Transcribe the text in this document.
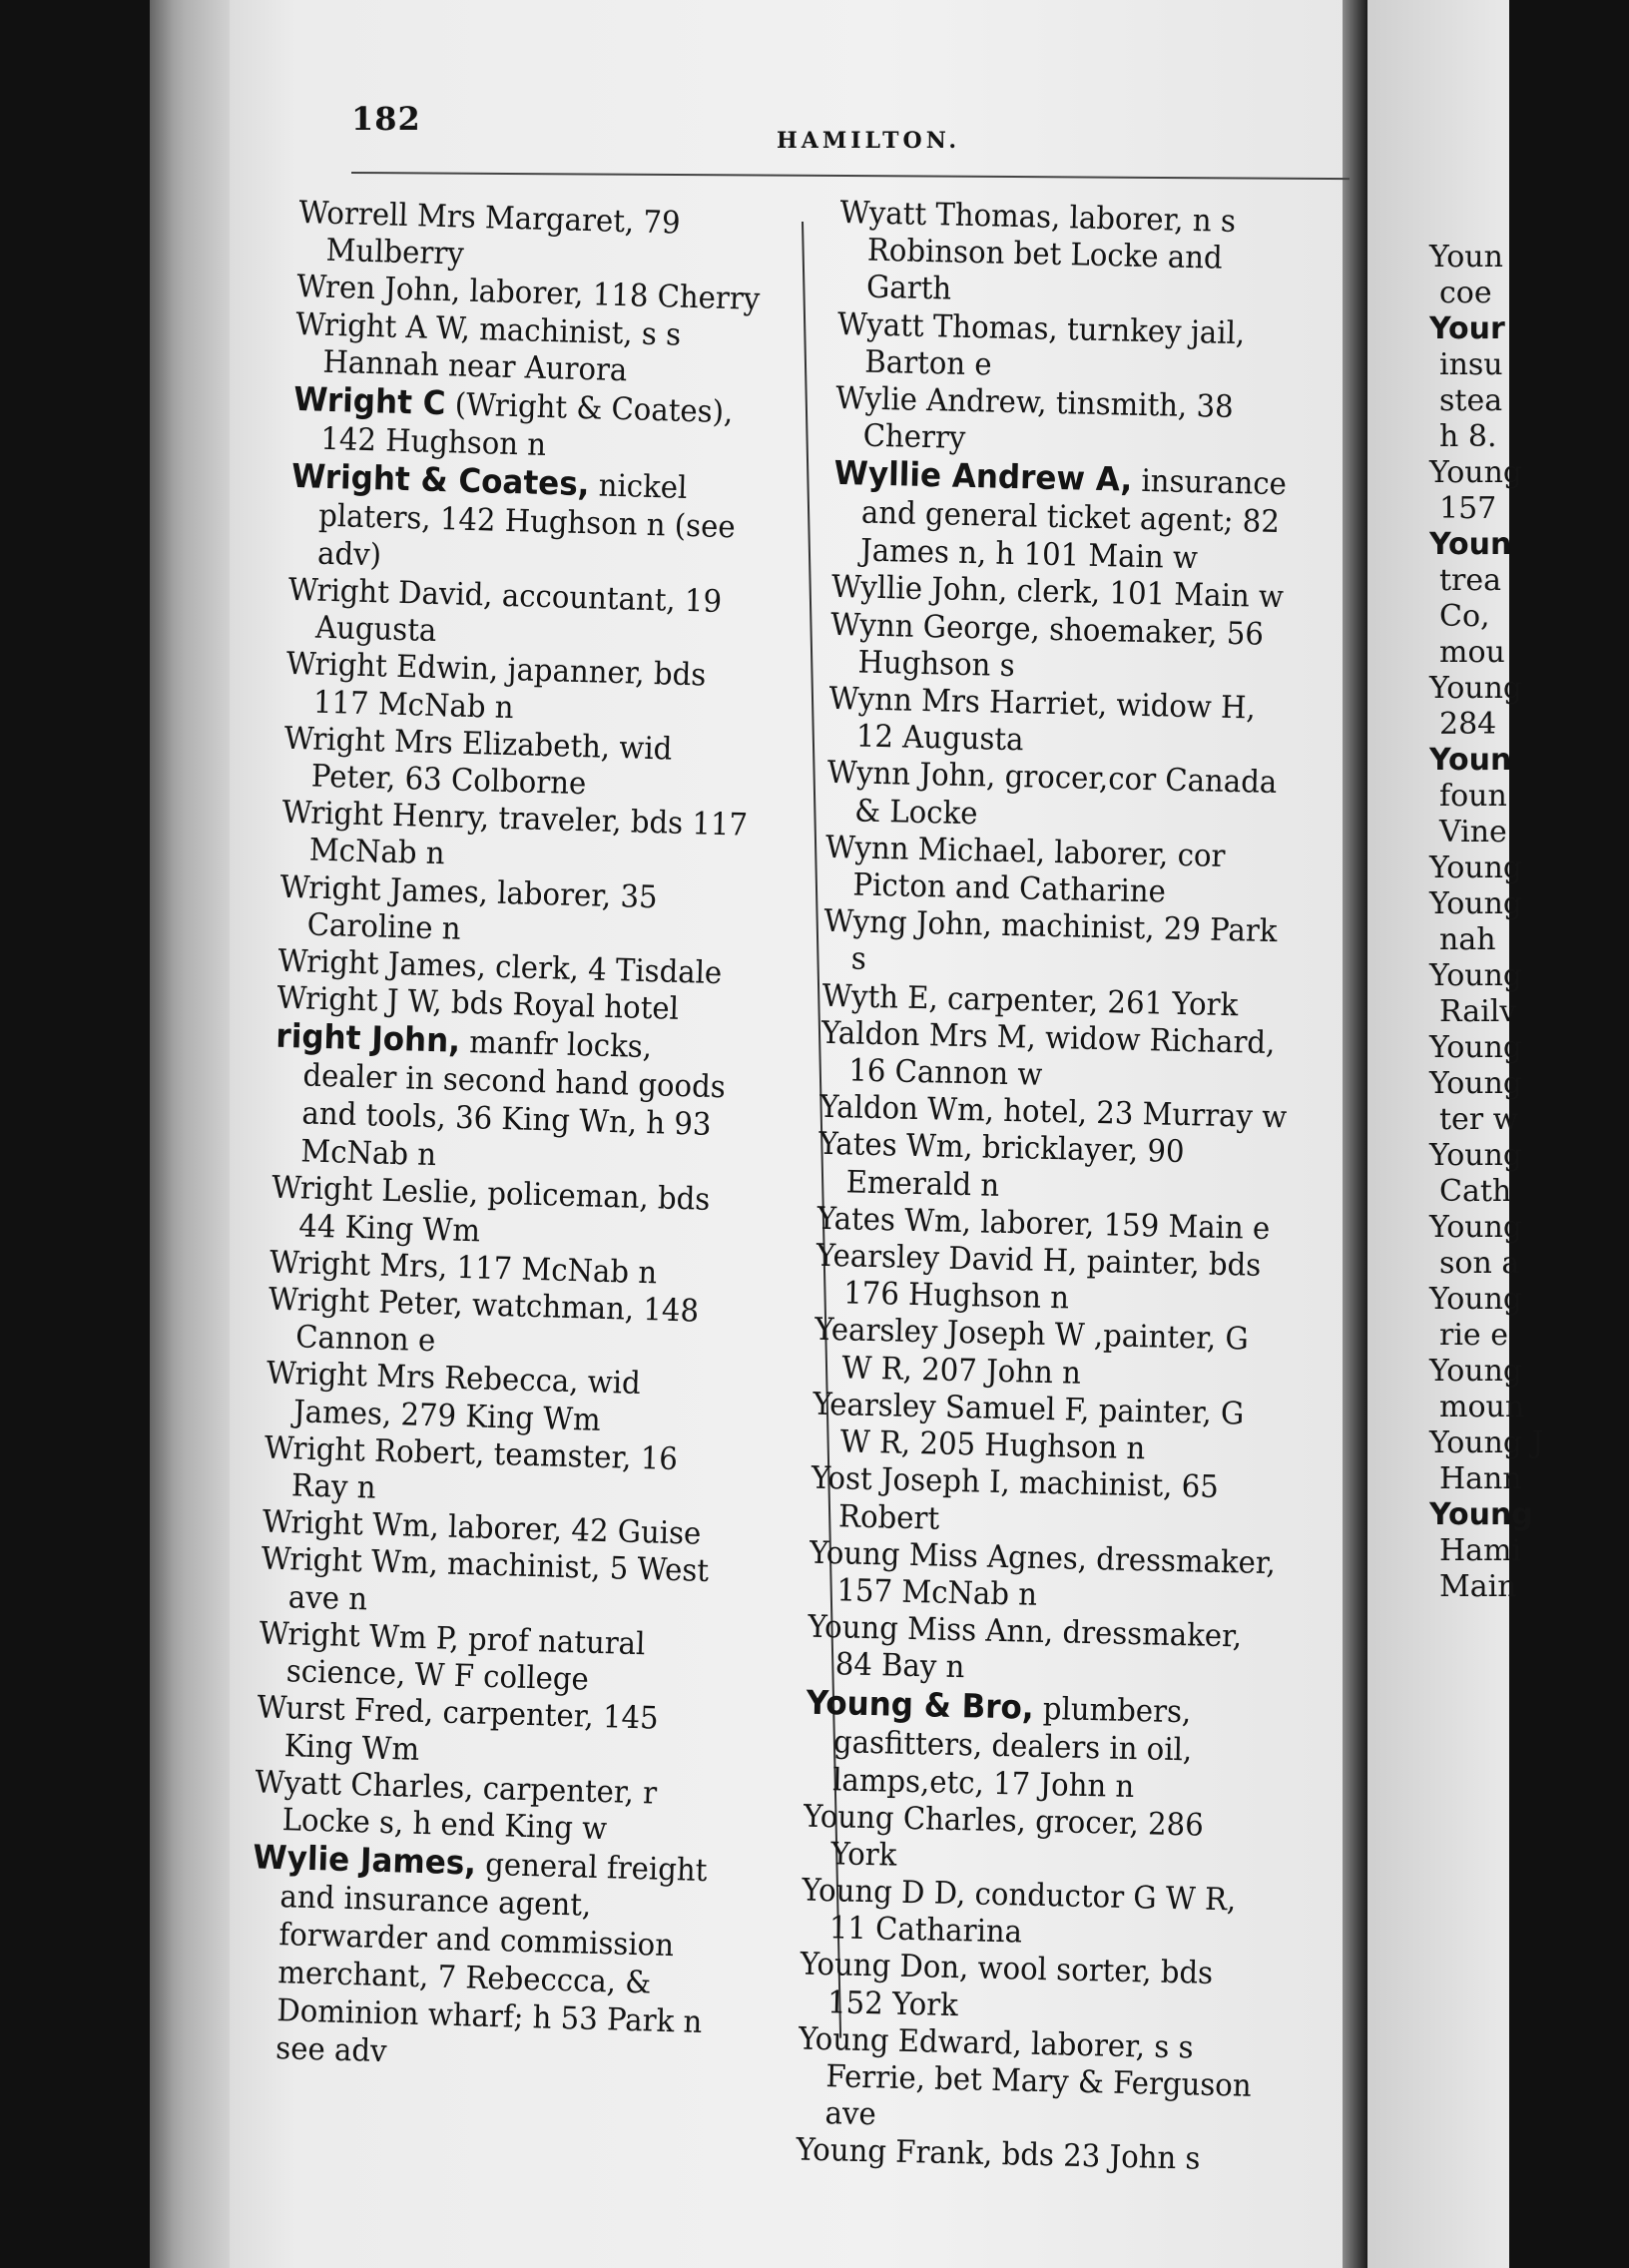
182
HAMILTON.

Worrell Mrs Margaret, 79 Mulberry

Wren John, laborer, 118 Cherry

Wright A W, machinist, s s Hannah near Aurora

Wright C (Wright & Coates), 142 Hughson n

Wright & Coates, nickel platers, 142 Hughson n (see adv)

Wright David, accountant, 19 Augusta

Wright Edwin, japanner, bds 117 McNab n

Wright Mrs Elizabeth, wid Peter, 63 Colborne

Wright Henry, traveler, bds 117 McNab n

Wright James, laborer, 35 Caroline n

Wright James, clerk, 4 Tisdale

Wright J W, bds Royal hotel

right John, manfr locks, dealer in second hand goods and tools, 36 King Wn, h 93 McNab n

Wright Leslie, policeman, bds 44 King Wm

Wright Mrs, 117 McNab n

Wright Peter, watchman, 148 Cannon e

Wright Mrs Rebecca, wid James, 279 King Wm

Wright Robert, teamster, 16 Ray n

Wright Wm, laborer, 42 Guise

Wright Wm, machinist, 5 West ave n

Wright Wm P, prof natural science, W F college

Wurst Fred, carpenter, 145 King Wm

Wyatt Charles, carpenter, r Locke s, h end King w

Wylie James, general freight and insurance agent, forwarder and commission merchant, 7 Rebeccca, & Dominion wharf; h 53 Park n see adv

Wyatt Thomas, laborer, n s Robinson bet Locke and Garth

Wyatt Thomas, turnkey jail, Barton e

Wylie Andrew, tinsmith, 38 Cherry

Wyllie Andrew A, insurance and general ticket agent; 82 James n, h 101 Main w

Wyllie John, clerk, 101 Main w

Wynn George, shoemaker, 56 Hughson s

Wynn Mrs Harriet, widow H, 12 Augusta

Wynn John, grocer,cor Canada & Locke

Wynn Michael, laborer, cor Picton and Catharine

Wyng John, machinist, 29 Park s

Wyth E, carpenter, 261 York

Yaldon Mrs M, widow Richard, 16 Cannon w

Yaldon Wm, hotel, 23 Murray w

Yates Wm, bricklayer, 90 Emerald n

Yates Wm, laborer, 159 Main e

Yearsley David H, painter, bds 176 Hughson n

Yearsley Joseph W ,painter, G W R, 207 John n

Yearsley Samuel F, painter, G W R, 205 Hughson n

Yost Joseph I, machinist, 65 Robert

Young Miss Agnes, dressmaker, 157 McNab n

Young Miss Ann, dressmaker, 84 Bay n

Young & Bro, plumbers, gasfitters, dealers in oil, lamps,etc, 17 John n

Young Charles, grocer, 286 York

Young D D, conductor G W R, 11 Catharina

Young Don, wool sorter, bds 152 York

Young Edward, laborer, s s Ferrie, bet Mary & Ferguson ave

Young Frank, bds 23 John s

Youn
coe
Your
insu
stea
h 8.
Young
157
Youn
trea
Co,
mou
Young
284
Youn
foun
Vine
Young
Young
nah
Young
Railv
Young
Young
ter w
Young
Cath
Young
son a
Young
rie e
Young
moun
Young J
Hann
Young
Hami
Main
